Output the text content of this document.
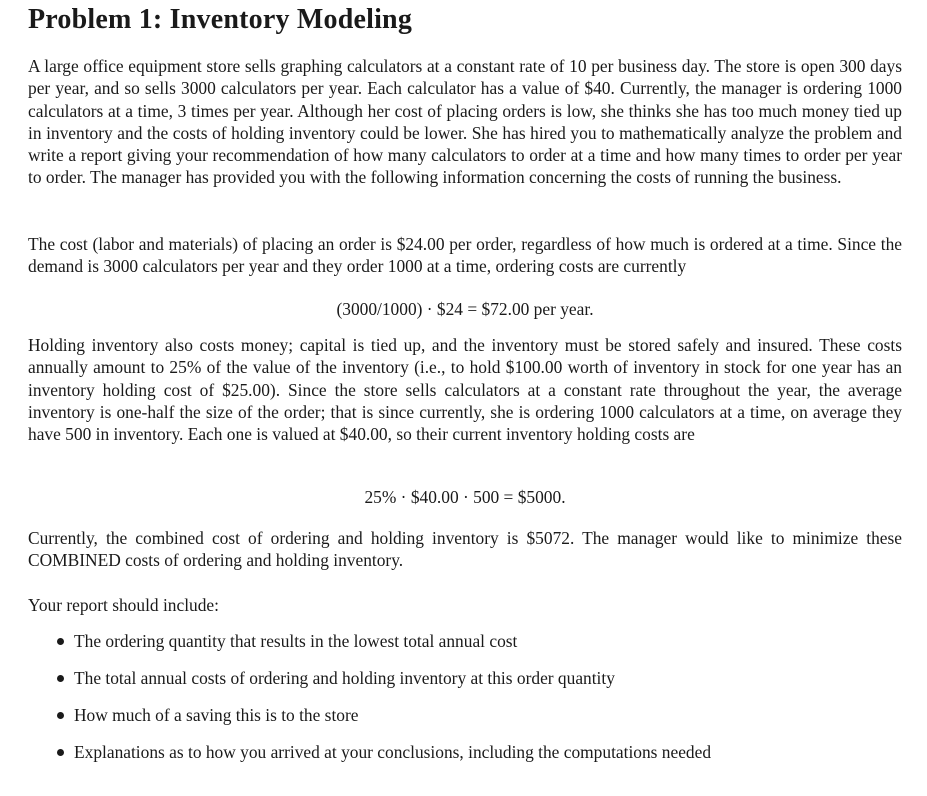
Problem 1: Inventory Modeling

A large office equipment store sells graphing calculators at a constant rate of 10 per business day. The store is open 300 days per year, and so sells 3000 calculators per year. Each calculator has a value of $40. Currently, the manager is ordering 1000 calculators at a time, 3 times per year. Although her cost of placing orders is low, she thinks she has too much money tied up in inventory and the costs of holding inventory could be lower. She has hired you to mathematically analyze the problem and write a report giving your recommendation of how many calculators to order at a time and how many times to order per year to order. The manager has provided you with the following information concerning the costs of running the business.

The cost (labor and materials) of placing an order is $24.00 per order, regardless of how much is ordered at a time. Since the demand is 3000 calculators per year and they order 1000 at a time, ordering costs are currently

(3000/1000) · $24 = $72.00 per year.

Holding inventory also costs money; capital is tied up, and the inventory must be stored safely and insured. These costs annually amount to 25% of the value of the inventory (i.e., to hold $100.00 worth of inventory in stock for one year has an inventory holding cost of $25.00). Since the store sells calculators at a constant rate throughout the year, the average inventory is one-half the size of the order; that is since currently, she is ordering 1000 calculators at a time, on average they have 500 in inventory. Each one is valued at $40.00, so their current inventory holding costs are

25% · $40.00 · 500 = $5000.

Currently, the combined cost of ordering and holding inventory is $5072. The manager would like to minimize these COMBINED costs of ordering and holding inventory.

Your report should include:

The ordering quantity that results in the lowest total annual cost
The total annual costs of ordering and holding inventory at this order quantity
How much of a saving this is to the store
Explanations as to how you arrived at your conclusions, including the computations needed
